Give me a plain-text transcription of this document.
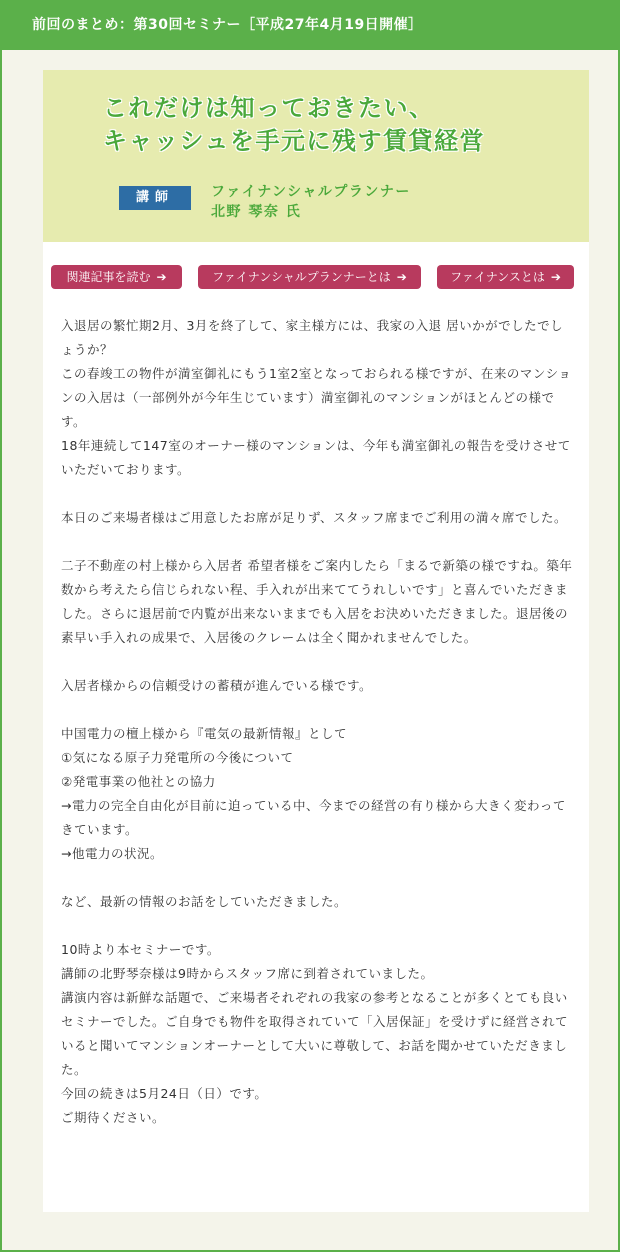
前回のまとめ：第30回セミナー［平成27年4月19日開催］
これだけは知っておきたい、
キャッシュを手元に残す賃貸経営
講師	ファイナンシャルプランナー
北野 琴奈 氏
関連記事を読む ➔	ファイナンシャルプランナーとは ➔	ファイナンスとは ➔

入退居の繁忙期2月、3月を終了して、家主様方には、我家の入退 居いかがでしたでしょうか？
この春竣工の物件が満室御礼にもう1室2室となっておられる様ですが、在来のマンションの入居は（一部例外が今年生じています）満室御礼のマンションがほとんどの様です。
18年連続して147室のオーナー様のマンションは、今年も満室御礼の報告を受けさせていただいております。

本日のご来場者様はご用意したお席が足りず、スタッフ席までご利用の満々席でした。

二子不動産の村上様から入居者 希望者様をご案内したら「まるで新築の様ですね。築年数から考えたら信じられない程、手入れが出来ててうれしいです」と喜んでいただきました。さらに退居前で内覧が出来ないままでも入居をお決めいただきました。退居後の素早い手入れの成果で、入居後のクレームは全く聞かれませんでした。

入居者様からの信頼受けの蓄積が進んでいる様です。

中国電力の檀上様から『電気の最新情報』として
①気になる原子力発電所の今後について
②発電事業の他社との協力
→電力の完全自由化が目前に迫っている中、今までの経営の有り様から大きく変わってきています。
→他電力の状況。

など、最新の情報のお話をしていただきました。

10時より本セミナーです。
講師の北野琴奈様は9時からスタッフ席に到着されていました。
講演内容は新鮮な話題で、ご来場者それぞれの我家の参考となることが多くとても良いセミナーでした。ご自身でも物件を取得されていて「入居保証」を受けずに経営されていると聞いてマンションオーナーとして大いに尊敬して、お話を聞かせていただきました。
今回の続きは5月24日（日）です。
ご期待ください。
